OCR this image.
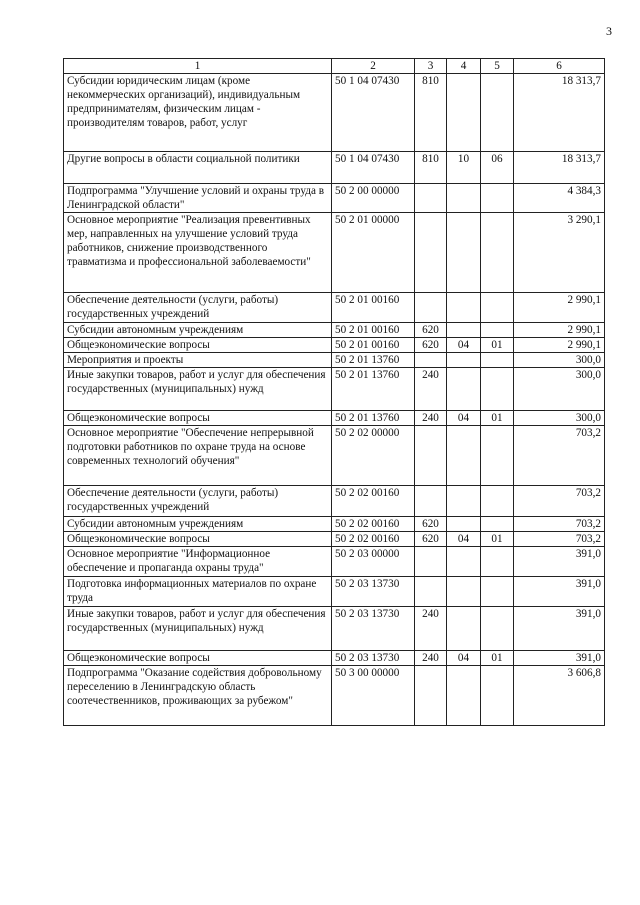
3
1	2	3	4	5	6
Субсидии юридическим лицам (кроме некоммерческих организаций), индивидуальным предпринимателям, физическим лицам - производителям товаров, работ, услуг	50 1 04 07430	810			18 313,7
Другие вопросы в области социальной политики	50 1 04 07430	810	10	06	18 313,7
Подпрограмма "Улучшение условий и охраны труда в Ленинградской области"	50 2 00 00000				4 384,3
Основное мероприятие "Реализация превентивных мер, направленных на улучшение условий труда работников, снижение производственного травматизма и профессиональной заболеваемости"	50 2 01 00000				3 290,1
Обеспечение деятельности (услуги, работы) государственных учреждений	50 2 01 00160				2 990,1
Субсидии автономным учреждениям	50 2 01 00160	620			2 990,1
Общеэкономические вопросы	50 2 01 00160	620	04	01	2 990,1
Мероприятия и проекты	50 2 01 13760				300,0
Иные закупки товаров, работ и услуг для обеспечения государственных (муниципальных) нужд	50 2 01 13760	240			300,0
Общеэкономические вопросы	50 2 01 13760	240	04	01	300,0
Основное мероприятие "Обеспечение непрерывной подготовки работников по охране труда на основе современных технологий обучения"	50 2 02 00000				703,2
Обеспечение деятельности (услуги, работы) государственных учреждений	50 2 02 00160				703,2
Субсидии автономным учреждениям	50 2 02 00160	620			703,2
Общеэкономические вопросы	50 2 02 00160	620	04	01	703,2
Основное мероприятие "Информационное обеспечение и пропаганда охраны труда"	50 2 03 00000				391,0
Подготовка информационных материалов по охране труда	50 2 03 13730				391,0
Иные закупки товаров, работ и услуг для обеспечения государственных (муниципальных) нужд	50 2 03 13730	240			391,0
Общеэкономические вопросы	50 2 03 13730	240	04	01	391,0
Подпрограмма "Оказание содействия добровольному переселению в Ленинградскую область соотечественников, проживающих за рубежом"	50 3 00 00000				3 606,8
